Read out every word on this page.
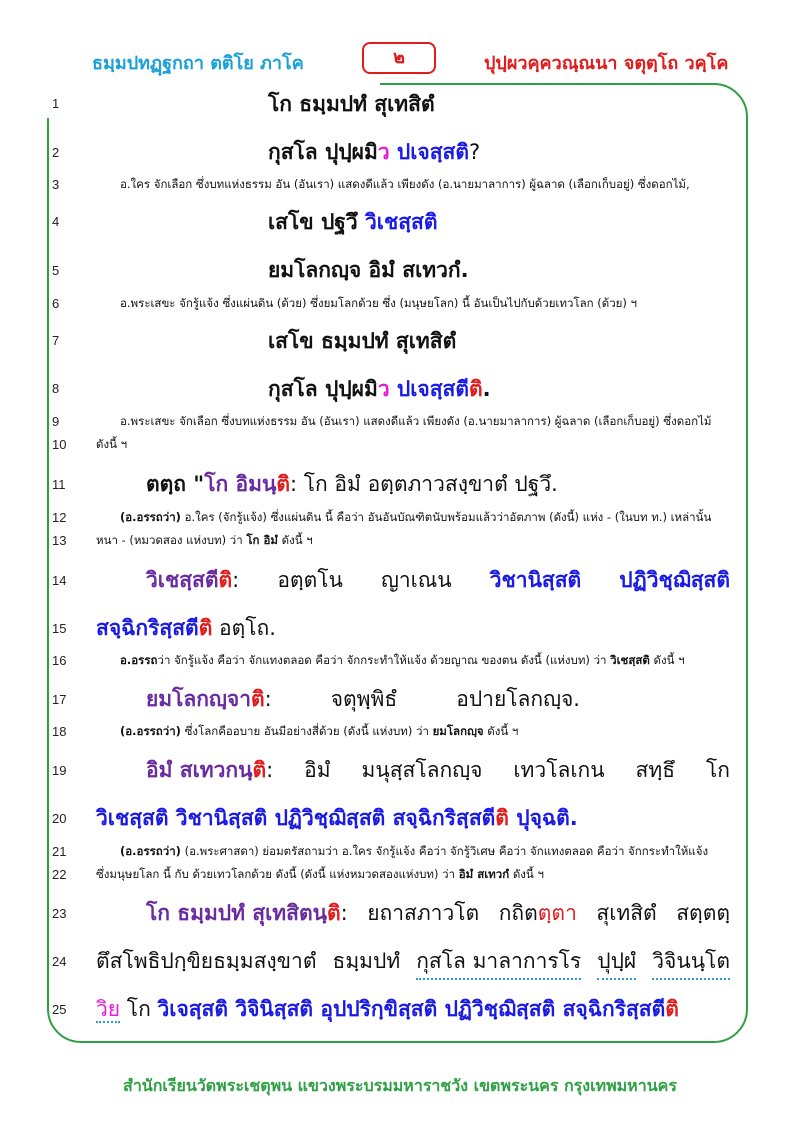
ธมฺมปทฏฺฐกถา ตติโย ภาโค	๒	ปุปฺผวคฺควณฺณนา จตุตฺโถ วคฺโค
1	โก ธมฺมปทํ สุเทสิตํ
2	กุสโล ปุปฺผมิว ปเจสฺสติ?
3	อ.ใคร จักเลือก ซึ่งบทแห่งธรรม อัน (อันเรา) แสดงดีแล้ว เพียงดัง (อ.นายมาลาการ) ผู้ฉลาด (เลือกเก็บอยู่) ซึ่งดอกไม้,
4	เสโข ปฐวึ วิเชสฺสติ
5	ยมโลกญฺจ อิมํ สเทวกํ.
6	อ.พระเสขะ จักรู้แจ้ง ซึ่งแผ่นดิน (ด้วย) ซึ่งยมโลกด้วย ซึ่ง (มนุษยโลก) นี้ อันเป็นไปกับด้วยเทวโลก (ด้วย) ฯ
7	เสโข ธมฺมปทํ สุเทสิตํ
8	กุสโล ปุปฺผมิว ปเจสฺสตีติ.
9	อ.พระเสขะ จักเลือก ซึ่งบทแห่งธรรม อัน (อันเรา) แสดงดีแล้ว เพียงดัง (อ.นายมาลาการ) ผู้ฉลาด (เลือกเก็บอยู่) ซึ่งดอกไม้
10	ดังนี้ ฯ
11	ตตฺถ "โก อิมนฺติ: โก อิมํ อตฺตภาวสงฺขาตํ ปฐวึ.
12	(อ.อรรถว่า) อ.ใคร (จักรู้แจ้ง) ซึ่งแผ่นดิน นี้ คือว่า อันอันบัณฑิตนับพร้อมแล้วว่าอัตภาพ (ดังนี้) แห่ง - (ในบท ท.) เหล่านั้น
13	หนา - (หมวดสอง แห่งบท) ว่า โก อิมํ ดังนี้ ฯ
14	วิเชสฺสตีติ: อตฺตโน ญาเณน วิชานิสฺสติ ปฏิวิชฺฌิสฺสติ
15	สจฺฉิกริสฺสตีติ อตฺโถ.
16	อ.อรรถว่า จักรู้แจ้ง คือว่า จักแทงตลอด คือว่า จักกระทำให้แจ้ง ด้วยญาณ ของตน ดังนี้ (แห่งบท) ว่า วิเชสฺสติ ดังนี้ ฯ
17	ยมโลกญฺจาติ:	จตุพฺพิธํ	อปายโลกญฺจ.
18	(อ.อรรถว่า) ซึ่งโลกคืออบาย อันมีอย่างสี่ด้วย (ดังนี้ แห่งบท) ว่า ยมโลกญฺจ ดังนี้ ฯ
19	อิมํ สเทวกนฺติ: อิมํ มนุสฺสโลกญฺจ เทวโลเกน สทฺธึ โก
20	วิเชสฺสติ วิชานิสฺสติ ปฏิวิชฺฌิสฺสติ สจฺฉิกริสฺสตีติ ปุจฺฉติ.
21	(อ.อรรถว่า) (อ.พระศาสดา) ย่อมตรัสถามว่า อ.ใคร จักรู้แจ้ง คือว่า จักรู้วิเศษ คือว่า จักแทงตลอด คือว่า จักกระทำให้แจ้ง
22	ซึ่งมนุษยโลก นี้ กับ ด้วยเทวโลกด้วย ดังนี้ (ดังนี้ แห่งหมวดสองแห่งบท) ว่า อิมํ สเทวกํ ดังนี้ ฯ
23	โก ธมฺมปทํ สุเทสิตนฺติ: ยถาสภาวโต กถิตตฺตา สุเทสิตํ สตฺตตฺ
24	ตึสโพธิปกฺขิยธมฺมสงฺขาตํ ธมฺมปทํ กุสโล มาลาการโร ปุปฺผํ วิจินนฺโต
25	วิย โก วิเจสฺสติ วิจินิสฺสติ อุปปริกฺขิสฺสติ ปฏิวิชฺฌิสฺสติ สจฺฉิกริสฺสตีติ
สำนักเรียนวัดพระเชตุพน แขวงพระบรมมหาราชวัง เขตพระนคร กรุงเทพมหานคร
